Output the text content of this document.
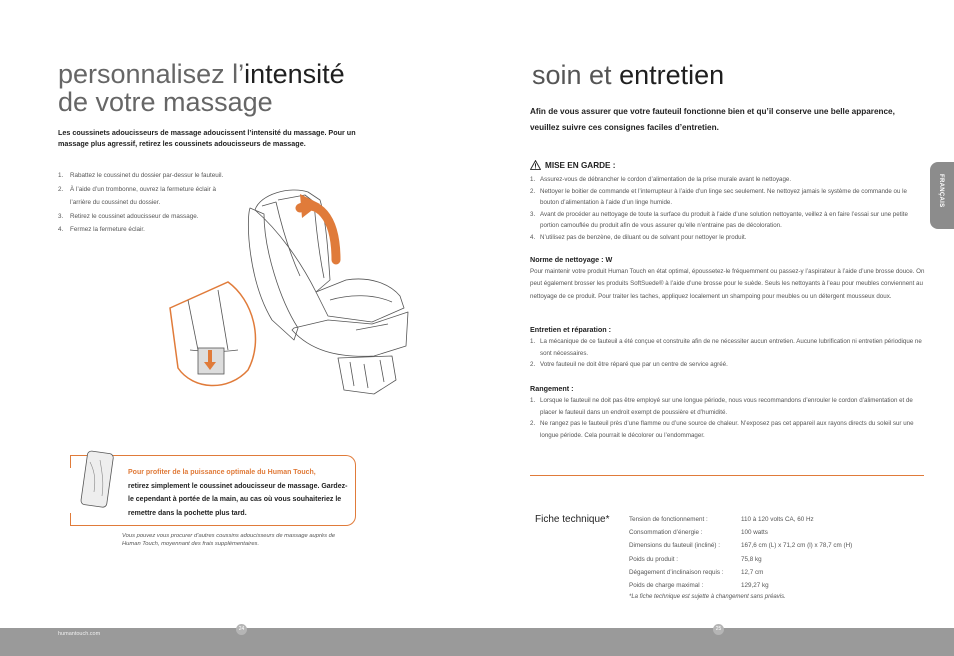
personnalisez l’intensité
de votre massage

Les coussinets adoucisseurs de massage adoucissent l’intensité du massage. Pour un massage plus agressif, retirez les coussinets adoucisseurs de massage.

1. Rabattez le coussinet du dossier par-dessur le fauteuil.
2. À l’aide d’un trombonne, ouvrez la fermeture éclair à
l’arrière du coussinet du dossier.
3. Retirez le coussinet adoucisseur de massage.
4. Fermez la fermeture éclair.

Pour profiter de la puissance optimale du Human Touch,
retirez simplement le coussinet adoucisseur de massage. Gardez-le cependant à portée de la main, au cas où vous souhaiteriez le remettre dans la pochette plus tard.

Vous pouvez vous procurer d’autres coussins adoucisseurs de massage auprès de Human Touch, moyennant des frais supplémentaires.

soin et entretien

Afin de vous assurer que votre fauteuil fonctionne bien et qu’il conserve une belle apparence, veuillez suivre ces consignes faciles d’entretien.

MISE EN GARDE :
1. Assurez-vous de débrancher le cordon d’alimentation de la prise murale avant le nettoyage.
2. Nettoyer le boitier de commande et l’interrupteur à l’aide d’un linge sec seulement. Ne nettoyez jamais le système de commande ou le bouton d’alimentation à l’aide d’un linge humide.
3. Avant de procéder au nettoyage de toute la surface du produit à l’aide d’une solution nettoyante, veillez à en faire l’essai sur une petite portion camouflée du produit afin de vous assurer qu’elle n’entraine pas de décoloration.
4. N’utilisez pas de benzène, de diluant ou de solvant pour nettoyer le produit.
Norme de nettoyage : W

Pour maintenir votre produit Human Touch en état optimal, époussetez-le fréquemment ou passez-y l’aspirateur à l’aide d’une brosse douce. On peut également brosser les produits SoftSuede® à l’aide d’une brosse pour le suède. Seuls les nettoyants à l’eau pour meubles conviennent au nettoyage de ce produit. Pour traiter les taches, appliquez localement un shampoing pour meubles ou un détergent mousseux doux.

Entretien et réparation :
1. La mécanique de ce fauteuil a été conçue et construite afin de ne nécessiter aucun entretien. Aucune lubrification ni entretien périodique ne sont nécessaires.
2. Votre fauteuil ne doit être réparé que par un centre de service agréé.
Rangement :
1. Lorsque le fauteuil ne doit pas être employé sur une longue période, nous vous recommandons d’enrouler le cordon d’alimentation et de placer le fauteuil dans un endroit exempt de poussière et d’humidité.
2. Ne rangez pas le fauteuil près d’une flamme ou d’une source de chaleur. N’exposez pas cet appareil aux rayons directs du soleil sur une longue période. Cela pourrait le décolorer ou l’endommager.
Fiche technique*	Tension de fonctionnement :	110 à 120 volts CA, 60 Hz
Consommation d’énergie :	100 watts
Dimensions du fauteuil (incliné) :	167,6 cm (L) x 71,2 cm (l) x 78,7 cm (H)
Poids du produit :	75,8 kg
Dégagement d’inclinaison requis :	12,7 cm
Poids de charge maximal :	129,27 kg

*La fiche technique est sujette à changement sans préavis.

FRANÇAIS
humantouch.com
24	25
